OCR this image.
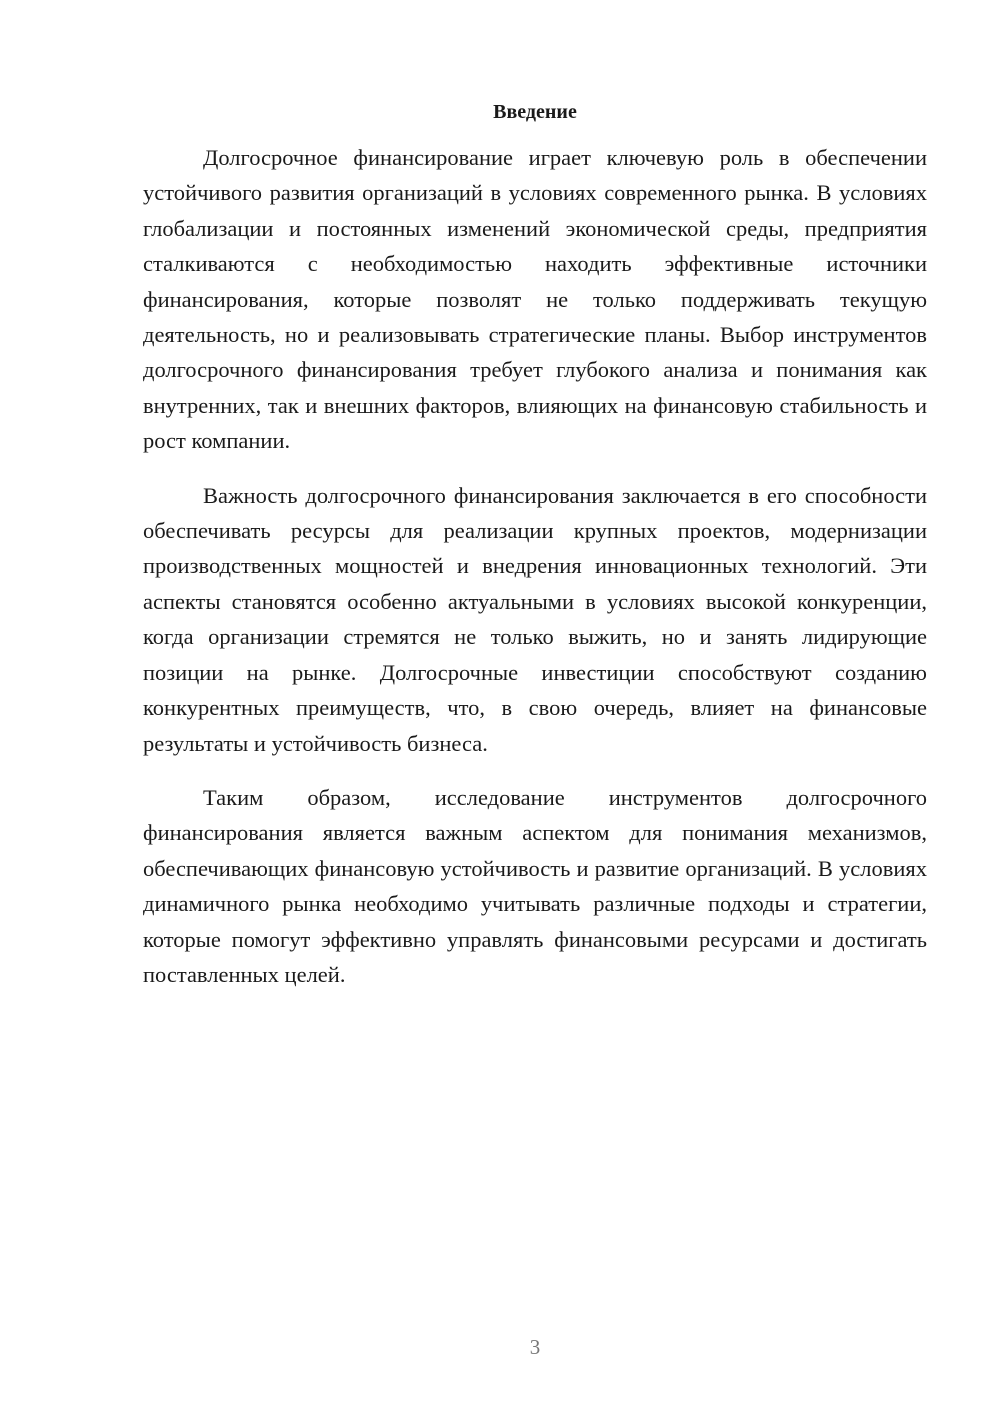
Введение

Долгосрочное финансирование играет ключевую роль в обеспечении устойчивого развития организаций в условиях современного рынка. В условиях глобализации и постоянных изменений экономической среды, предприятия сталкиваются с необходимостью находить эффективные источники финансирования, которые позволят не только поддерживать текущую деятельность, но и реализовывать стратегические планы. Выбор инструментов долгосрочного финансирования требует глубокого анализа и понимания как внутренних, так и внешних факторов, влияющих на финансовую стабильность и рост компании.

Важность долгосрочного финансирования заключается в его способности обеспечивать ресурсы для реализации крупных проектов, модернизации производственных мощностей и внедрения инновационных технологий. Эти аспекты становятся особенно актуальными в условиях высокой конкуренции, когда организации стремятся не только выжить, но и занять лидирующие позиции на рынке. Долгосрочные инвестиции способствуют созданию конкурентных преимуществ, что, в свою очередь, влияет на финансовые результаты и устойчивость бизнеса.

Таким образом, исследование инструментов долгосрочного финансирования является важным аспектом для понимания механизмов, обеспечивающих финансовую устойчивость и развитие организаций. В условиях динамичного рынка необходимо учитывать различные подходы и стратегии, которые помогут эффективно управлять финансовыми ресурсами и достигать поставленных целей.

3
